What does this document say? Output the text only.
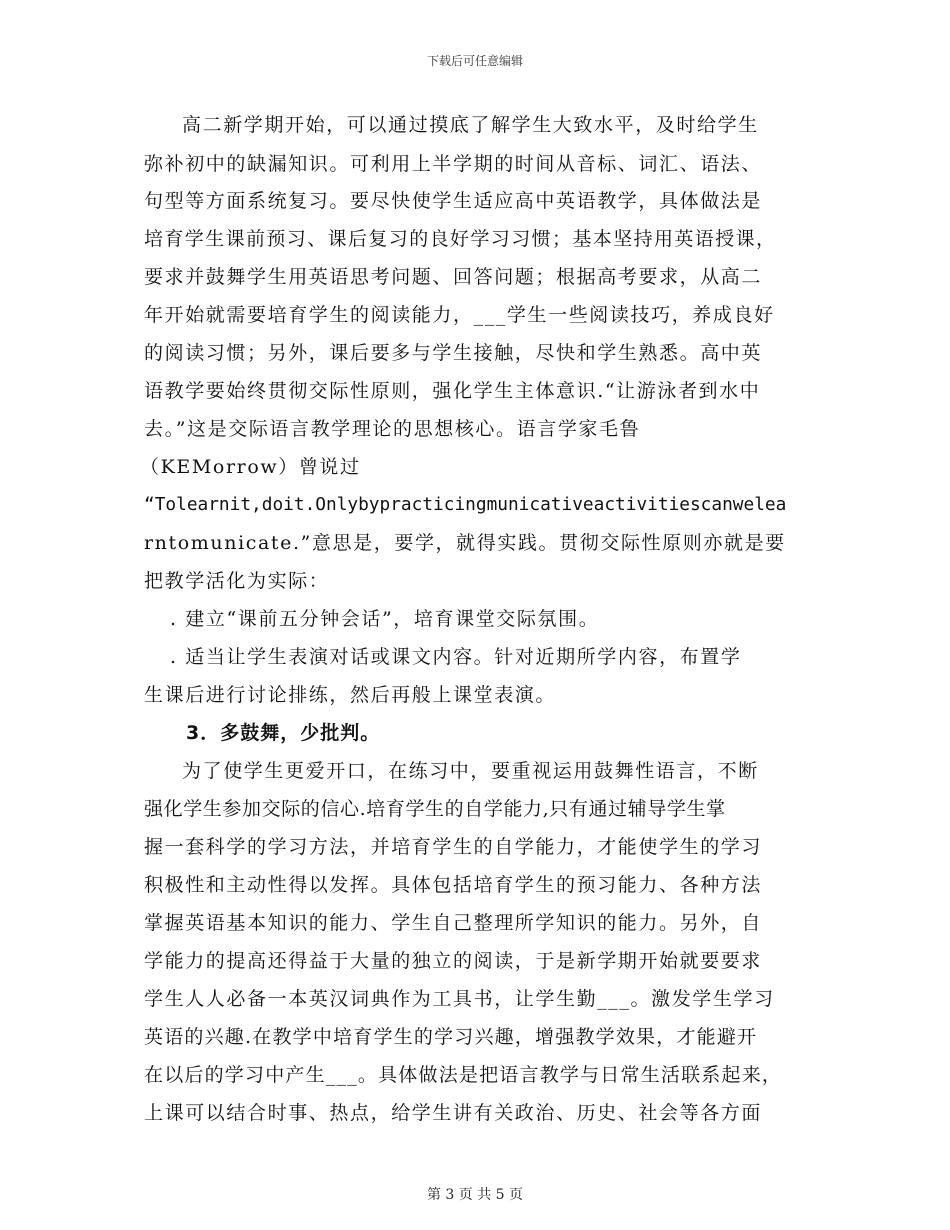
下载后可任意编辑
高二新学期开始，可以通过摸底了解学生大致水平，及时给学生
弥补初中的缺漏知识。可利用上半学期的时间从音标、词汇、语法、
句型等方面系统复习。要尽快使学生适应高中英语教学，具体做法是
培育学生课前预习、课后复习的良好学习习惯；基本坚持用英语授课，
要求并鼓舞学生用英语思考问题、回答问题；根据高考要求，从高二
年开始就需要培育学生的阅读能力，___学生一些阅读技巧，养成良好
的阅读习惯；另外，课后要多与学生接触，尽快和学生熟悉。高中英
语教学要始终贯彻交际性原则，强化学生主体意识.“让游泳者到水中
去。”这是交际语言教学理论的思想核心。语言学家毛鲁
（KEMorrow）曾说过
“Tolearnit,doit.Onlybypracticingmunicativeactivitiescanwelea
rntomunicate.”意思是，要学，就得实践。贯彻交际性原则亦就是要
把教学活化为实际：
. 建立“课前五分钟会话”，培育课堂交际氛围。
. 适当让学生表演对话或课文内容。针对近期所学内容，布置学
生课后进行讨论排练，然后再般上课堂表演。
3．多鼓舞，少批判。
为了使学生更爱开口，在练习中，要重视运用鼓舞性语言，不断
强化学生参加交际的信心.培育学生的自学能力,只有通过辅导学生掌
握一套科学的学习方法，并培育学生的自学能力，才能使学生的学习
积极性和主动性得以发挥。具体包括培育学生的预习能力、各种方法
掌握英语基本知识的能力、学生自己整理所学知识的能力。另外，自
学能力的提高还得益于大量的独立的阅读，于是新学期开始就要要求
学生人人必备一本英汉词典作为工具书，让学生勤___。激发学生学习
英语的兴趣.在教学中培育学生的学习兴趣，增强教学效果，才能避开
在以后的学习中产生___。具体做法是把语言教学与日常生活联系起来，
上课可以结合时事、热点，给学生讲有关政治、历史、社会等各方面
第 3 页 共 5 页
